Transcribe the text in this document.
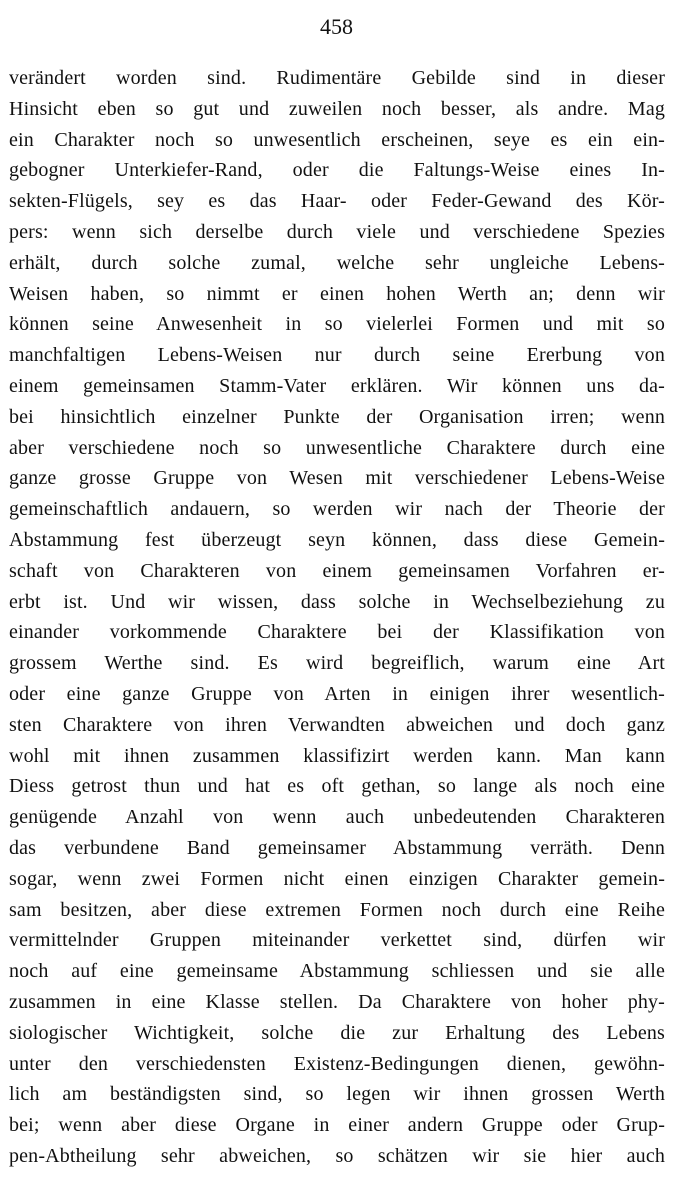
458
verändert worden sind. Rudimentäre Gebilde sind in dieser
Hinsicht eben so gut und zuweilen noch besser, als andre. Mag
ein Charakter noch so unwesentlich erscheinen, seye es ein ein-
gebogner Unterkiefer-Rand, oder die Faltungs-Weise eines In-
sekten-Flügels, sey es das Haar- oder Feder-Gewand des Kör-
pers: wenn sich derselbe durch viele und verschiedene Spezies
erhält, durch solche zumal, welche sehr ungleiche Lebens-
Weisen haben, so nimmt er einen hohen Werth an; denn wir
können seine Anwesenheit in so vielerlei Formen und mit so
manchfaltigen Lebens-Weisen nur durch seine Ererbung von
einem gemeinsamen Stamm-Vater erklären. Wir können uns da-
bei hinsichtlich einzelner Punkte der Organisation irren; wenn
aber verschiedene noch so unwesentliche Charaktere durch eine
ganze grosse Gruppe von Wesen mit verschiedener Lebens-Weise
gemeinschaftlich andauern, so werden wir nach der Theorie der
Abstammung fest überzeugt seyn können, dass diese Gemein-
schaft von Charakteren von einem gemeinsamen Vorfahren er-
erbt ist. Und wir wissen, dass solche in Wechselbeziehung zu
einander vorkommende Charaktere bei der Klassifikation von
grossem Werthe sind. Es wird begreiflich, warum eine Art
oder eine ganze Gruppe von Arten in einigen ihrer wesentlich-
sten Charaktere von ihren Verwandten abweichen und doch ganz
wohl mit ihnen zusammen klassifizirt werden kann. Man kann
Diess getrost thun und hat es oft gethan, so lange als noch eine
genügende Anzahl von wenn auch unbedeutenden Charakteren
das verbundene Band gemeinsamer Abstammung verräth. Denn
sogar, wenn zwei Formen nicht einen einzigen Charakter gemein-
sam besitzen, aber diese extremen Formen noch durch eine Reihe
vermittelnder Gruppen miteinander verkettet sind, dürfen wir
noch auf eine gemeinsame Abstammung schliessen und sie alle
zusammen in eine Klasse stellen. Da Charaktere von hoher phy-
siologischer Wichtigkeit, solche die zur Erhaltung des Lebens
unter den verschiedensten Existenz-Bedingungen dienen, gewöhn-
lich am beständigsten sind, so legen wir ihnen grossen Werth
bei; wenn aber diese Organe in einer andern Gruppe oder Grup-
pen-Abtheilung sehr abweichen, so schätzen wir sie hier auch
